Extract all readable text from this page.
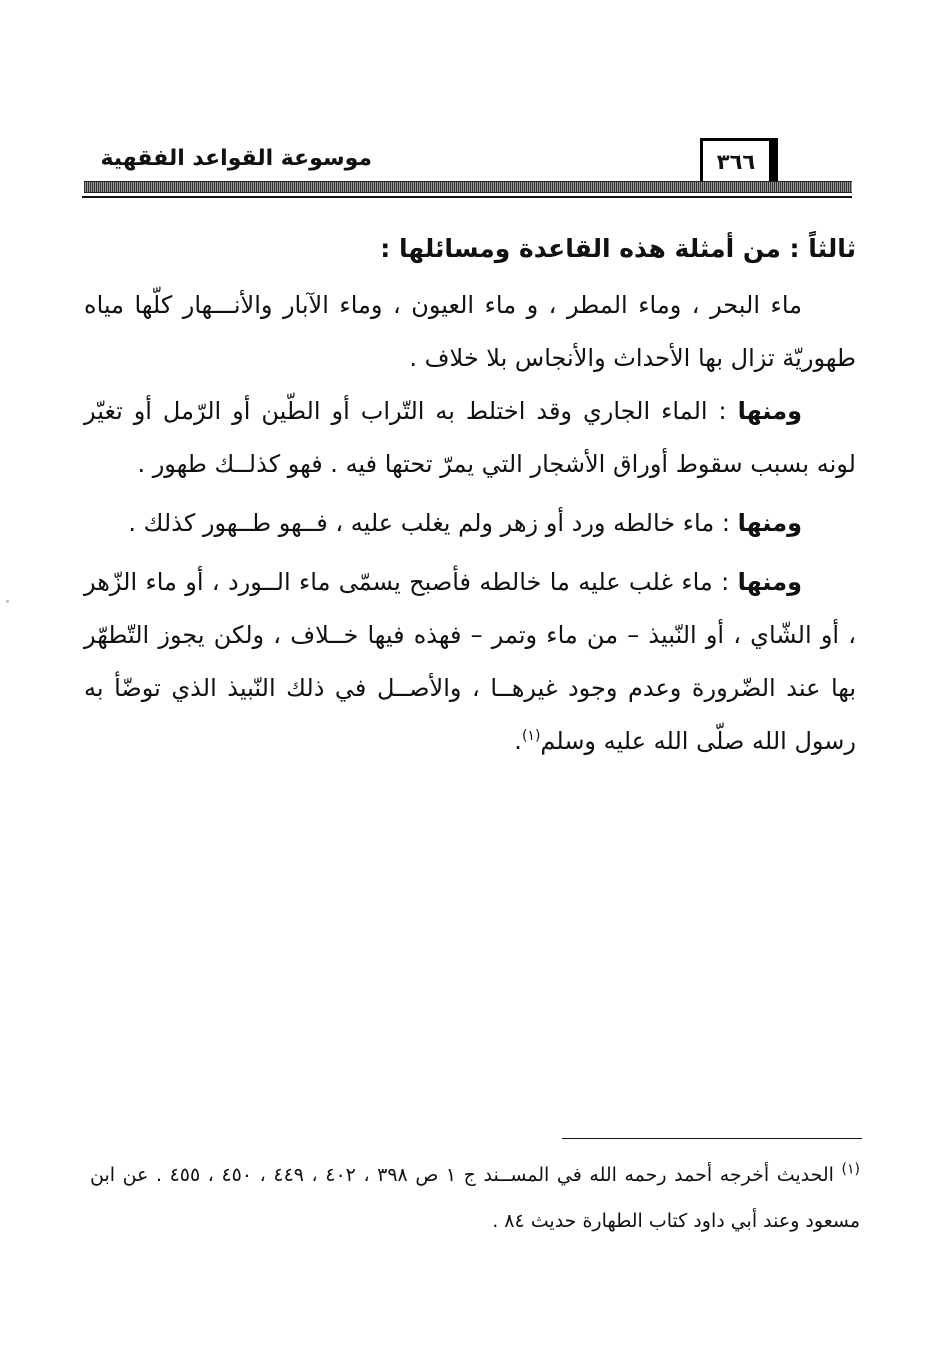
موسوعة القواعد الفقهية	٣٦٦

ثالثاً : من أمثلة هذه القاعدة ومسائلها :

ماء البحر ، وماء المطر ، و ماء العيون ، وماء الآبار والأنـــهار كلّها مياه طهوريّة تزال بها الأحداث والأنجاس بلا خلاف .

ومنها : الماء الجاري وقد اختلط به التّراب أو الطّين أو الرّمل أو تغيّر لونه بسبب سقوط أوراق الأشجار التي يمرّ تحتها فيه . فهو كذلــك طهور .

ومنها : ماء خالطه ورد أو زهر ولم يغلب عليه ، فــهو طــهور كذلك .

ومنها : ماء غلب عليه ما خالطه فأصبح يسمّى ماء الــورد ، أو ماء الزّهر ، أو الشّاي ، أو النّبيذ – من ماء وتمر – فهذه فيها خــلاف ، ولكن يجوز التّطهّر بها عند الضّرورة وعدم وجود غيرهــا ، والأصــل في ذلك النّبيذ الذي توضّأ به رسول الله صلّى الله عليه وسلم$^{(١)}$.

$^{(١)}$ الحديث أخرجه أحمد رحمه الله في المســند ج ١ ص ٣٩٨ ، ٤٠٢ ، ٤٤٩ ، ٤٥٠ ، ٤٥٥ . عن ابن مسعود وعند أبي داود كتاب الطهارة حديث ٨٤ .
